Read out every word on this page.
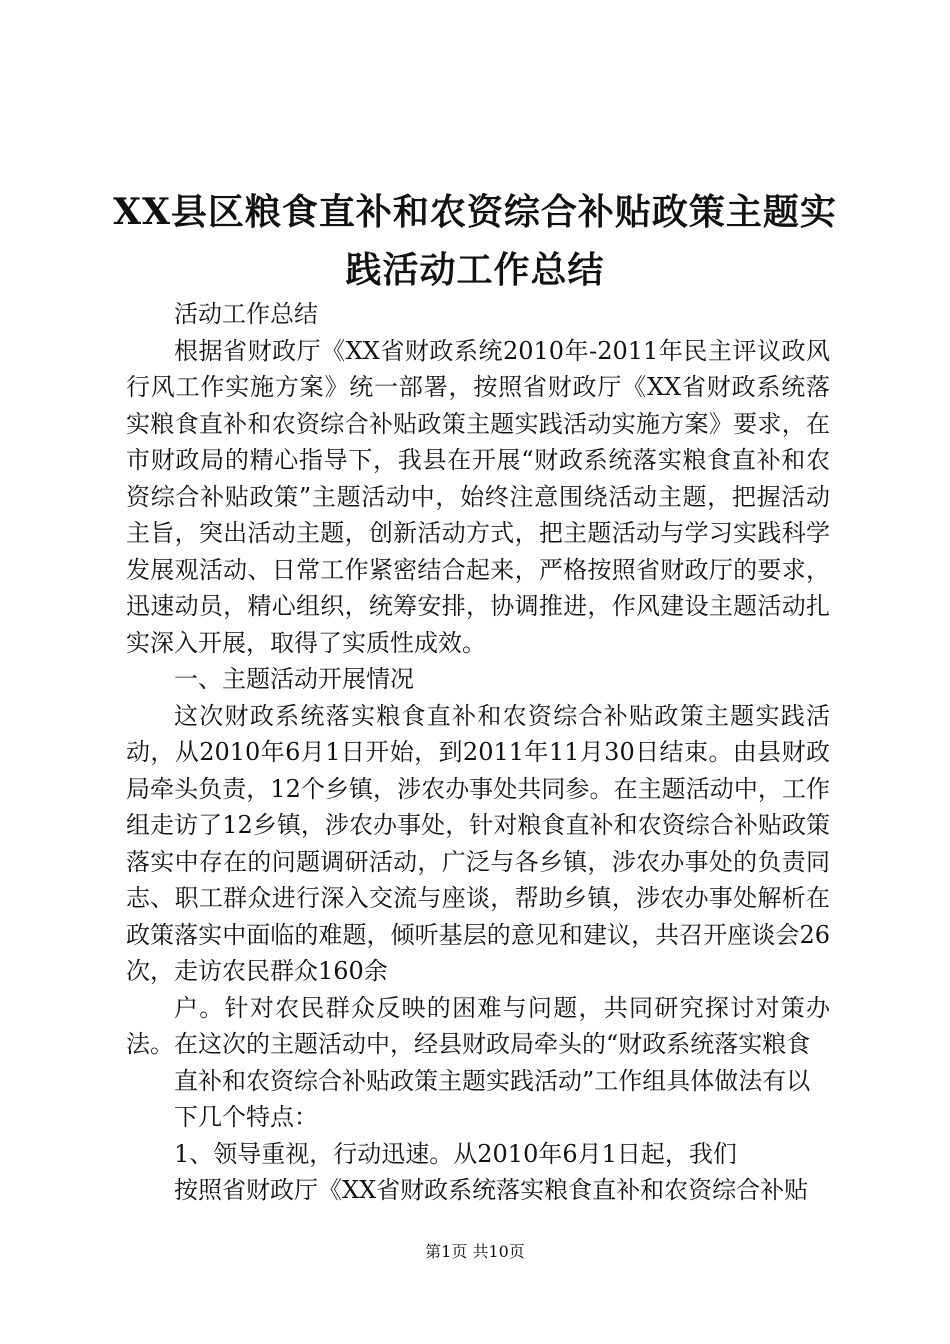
XX县区粮食直补和农资综合补贴政策主题实
践活动工作总结

活动工作总结

根据省财政厅《XX省财政系统2010年-2011年民主评议政风行风工作实施方案》统一部署，按照省财政厅《XX省财政系统落实粮食直补和农资综合补贴政策主题实践活动实施方案》要求，在市财政局的精心指导下，我县在开展“财政系统落实粮食直补和农资综合补贴政策”主题活动中，始终注意围绕活动主题，把握活动主旨，突出活动主题，创新活动方式，把主题活动与学习实践科学发展观活动、日常工作紧密结合起来，严格按照省财政厅的要求，迅速动员，精心组织，统筹安排，协调推进，作风建设主题活动扎实深入开展，取得了实质性成效。

一、主题活动开展情况

这次财政系统落实粮食直补和农资综合补贴政策主题实践活动，从2010年6月1日开始，到2011年11月30日结束。由县财政局牵头负责，12个乡镇，涉农办事处共同参。在主题活动中，工作组走访了12乡镇，涉农办事处，针对粮食直补和农资综合补贴政策落实中存在的问题调研活动，广泛与各乡镇，涉农办事处的负责同志、职工群众进行深入交流与座谈，帮助乡镇，涉农办事处解析在政策落实中面临的难题，倾听基层的意见和建议，共召开座谈会26次，走访农民群众160余

户。针对农民群众反映的困难与问题，共同研究探讨对策办法。在这次的主题活动中，经县财政局牵头的“财政系统落实粮食

直补和农资综合补贴政策主题实践活动”工作组具体做法有以

下几个特点：

1、领导重视，行动迅速。从2010年6月1日起，我们

按照省财政厅《XX省财政系统落实粮食直补和农资综合补贴

第1页 共10页
